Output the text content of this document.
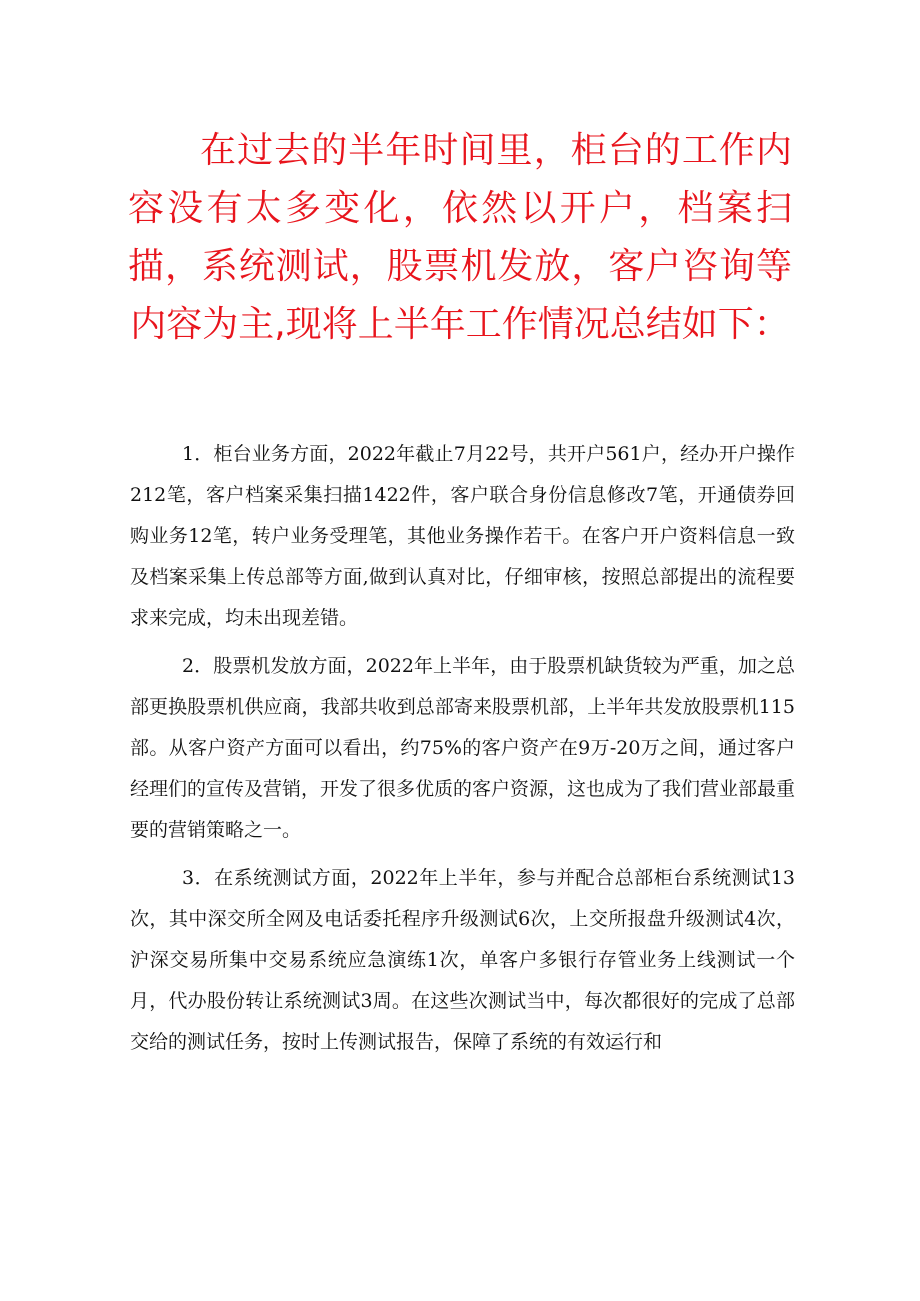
在过去的半年时间里，柜台的工作内容没有太多变化，依然以开户，档案扫描，系统测试，股票机发放，客户咨询等内容为主,现将上半年工作情况总结如下：

1．柜台业务方面，2022年截止7月22号，共开户561户，经办开户操作212笔，客户档案采集扫描1422件，客户联合身份信息修改7笔，开通债券回购业务12笔，转户业务受理笔，其他业务操作若干。在客户开户资料信息一致及档案采集上传总部等方面,做到认真对比，仔细审核，按照总部提出的流程要求来完成，均未出现差错。

2．股票机发放方面，2022年上半年，由于股票机缺货较为严重，加之总部更换股票机供应商，我部共收到总部寄来股票机部，上半年共发放股票机115部。从客户资产方面可以看出，约75%的客户资产在9万-20万之间，通过客户经理们的宣传及营销，开发了很多优质的客户资源，这也成为了我们营业部最重要的营销策略之一。

3．在系统测试方面，2022年上半年，参与并配合总部柜台系统测试13次，其中深交所全网及电话委托程序升级测试6次，上交所报盘升级测试4次，沪深交易所集中交易系统应急演练1次，单客户多银行存管业务上线测试一个月，代办股份转让系统测试3周。在这些次测试当中，每次都很好的完成了总部交给的测试任务，按时上传测试报告，保障了系统的有效运行和
